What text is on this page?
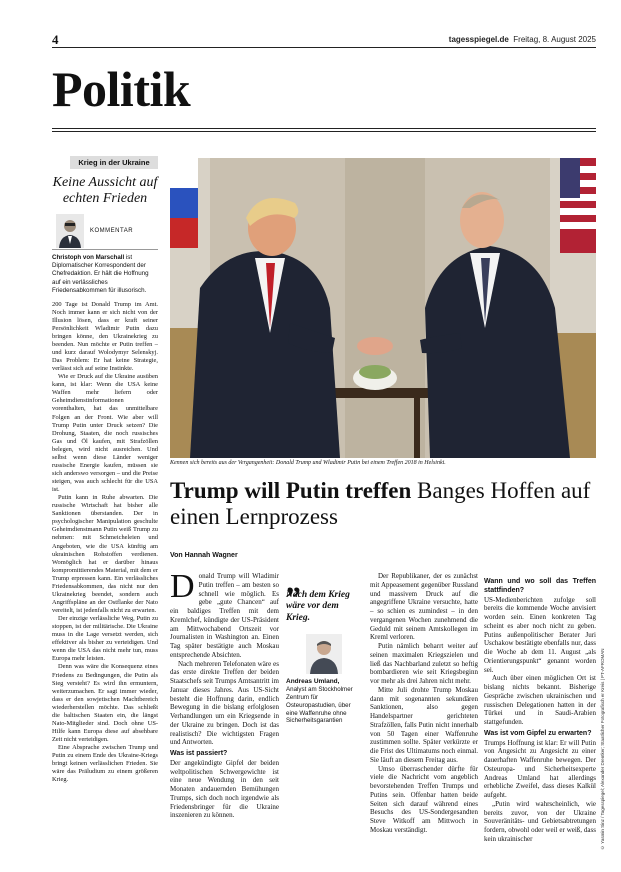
4	tagesspiegel.de Freitag, 8. August 2025
Politik
Krieg in der Ukraine
Keine Aussicht auf echten Frieden
KOMMENTAR
Christoph von Marschall ist Diplomatischer Korrespondent der Chefredaktion. Er hält die Hoffnung auf ein verlässliches Friedensabkommen für illusorisch.

200 Tage ist Donald Trump im Amt. Noch immer kann er sich nicht von der Illusion lösen, dass er kraft seiner Persönlichkeit Wladimir Putin dazu bringen könne, den Ukrainekrieg zu beenden. Nun möchte er Putin treffen – und kurz darauf Wolodymyr Selenskyj. Das Problem: Er hat keine Strategie, verlässt sich auf seine Instinkte.

Wie er Druck auf die Ukraine ausüben kann, ist klar: Wenn die USA keine Waffen mehr liefern oder Geheimdienstinformationen vorenthalten, hat das unmittelbare Folgen an der Front. Wie aber will Trump Putin unter Druck setzen? Die Drohung, Staaten, die noch russisches Gas und Öl kaufen, mit Strafzöllen belegen, wird nicht ausreichen. Und selbst wenn diese Länder weniger russische Energie kaufen, müssen sie sich anderswo versorgen – und die Preise steigen, was auch schlecht für die USA ist.

Putin kann in Ruhe abwarten. Die russische Wirtschaft hat bisher alle Sanktionen überstanden. Der in psychologischer Manipulation geschulte Geheimdienstmann Putin weiß Trump zu nehmen: mit Schmeicheleien und Angeboten, wie die USA künftig am ukrainischen Rohstoffen verdienen. Womöglich hat er darüber hinaus kompromittierendes Material, mit dem er Trump erpressen kann. Ein verlässliches Friedensabkommen, das nicht nur den Ukrainekrieg beendet, sondern auch Angriffspläne an der Ostflanke der Nato vereitelt, ist jedenfalls nicht zu erwarten.

Der einzige verlässliche Weg, Putin zu stoppen, ist der militärische. Die Ukraine muss in die Lage versetzt werden, sich effektiver als bisher zu verteidigen. Und wenn die USA das nicht mehr tun, muss Europa mehr leisten.

Denn was wäre die Konsequenz eines Friedens zu Bedingungen, die Putin als Sieg versteht? Es wird ihn ermuntern, weiterzumachen. Er sagt immer wieder, dass er den sowjetischen Machtbereich wiederherstellen möchte. Das schließt die baltischen Staaten ein, die längst Nato-Mitglieder sind. Doch ohne US-Hilfe kann Europa diese auf absehbare Zeit nicht verteidigen.

Eine Absprache zwischen Trump und Putin zu einem Ende des Ukraine-Kriegs bringt keinen verlässlichen Frieden. Sie wäre das Präludium zu einem größeren Krieg.

Kennen sich bereits aus der Vergangenheit: Donald Trump und Wladimir Putin bei einem Treffen 2018 in Helsinki.
© Yasmin Sinz / Tagesspiegel; Alexander Drentker; Staatlicher Fotografisch er Kreis | PT-AFROMAN
Trump will Putin treffen Banges Hoffen auf einen Lernprozess
Von Hannah Wagner

Donald Trump will Wladimir Putin treffen – am besten so schnell wie möglich. Es gebe „gute Chancen“ auf ein baldiges Treffen mit dem Kremlchef, kündigte der US-Präsident am Mittwochabend Ortszeit vor Journalisten in Washington an. Einen Tag später bestätigte auch Moskau entsprechende Absichten.

Nach mehreren Telefonaten wäre es das erste direkte Treffen der beiden Staatschefs seit Trumps Amtsantritt im Januar dieses Jahres. Aus US-Sicht besteht die Hoffnung darin, endlich Bewegung in die bislang erfolglosen Verhandlungen um ein Kriegsende in der Ukraine zu bringen. Doch ist das realistisch? Die wichtigsten Fragen und Antworten.

Was ist passiert?

Der angekündigte Gipfel der beiden weltpolitischen Schwergewichte ist eine neue Wendung in den seit Monaten andauernden Bemühungen Trumps, sich doch noch irgendwie als Friedensbringer für die Ukraine inszenieren zu können.

„
Nach dem Krieg wäre vor dem Krieg.
Andreas Umland,
Analyst am Stockholmer Zentrum für Osteuropastudien, über eine Waffenruhe ohne Sicherheitsgarantien

Der Republikaner, der es zunächst mit Appeasement gegenüber Russland und massivem Druck auf die angegriffene Ukraine versuchte, hatte – so schien es zumindest – in den vergangenen Wochen zunehmend die Geduld mit seinem Amtskollegen im Kreml verloren.

Putin nämlich beharrt weiter auf seinen maximalen Kriegszielen und ließ das Nachbarland zuletzt so heftig bombardieren wie seit Kriegsbeginn vor mehr als drei Jahren nicht mehr.

Mitte Juli drohte Trump Moskau dann mit sogenannten sekundären Sanktionen, also gegen Handelspartner gerichteten Strafzöllen, falls Putin nicht innerhalb von 50 Tagen einer Waffenruhe zustimmen sollte. Später verkürzte er die Frist des Ultimatums noch einmal. Sie läuft an diesem Freitag aus.

Umso überraschender dürfte für viele die Nachricht vom angeblich bevorstehenden Treffen Trumps und Putins sein. Offenbar hatten beide Seiten sich darauf während eines Besuchs des US-Sondergesandten Steve Witkoff am Mittwoch in Moskau verständigt.

Wann und wo soll das Treffen stattfinden?

US-Medienberichten zufolge soll bereits die kommende Woche anvisiert worden sein. Einen konkreten Tag scheint es aber noch nicht zu geben. Putins außenpolitischer Berater Juri Uschakow bestätigte ebenfalls nur, dass die Woche ab dem 11. August „als Orientierungspunkt“ genannt worden sei.

Auch über einen möglichen Ort ist bislang nichts bekannt. Bisherige Gespräche zwischen ukrainischen und russischen Delegationen hatten in der Türkei und in Saudi-Arabien stattgefunden.

Was ist vom Gipfel zu erwarten?

Trumps Hoffnung ist klar: Er will Putin von Angesicht zu Angesicht zu einer dauerhaften Waffenruhe bewegen. Der Osteuropa- und Sicherheitsexperte Andreas Umland hat allerdings erhebliche Zweifel, dass dieses Kalkül aufgeht.

„Putin wird wahrscheinlich, wie bereits zuvor, von der Ukraine Souveränitäts- und Gebietsabtretungen fordern, obwohl oder weil er weiß, dass kein ukrainischer
